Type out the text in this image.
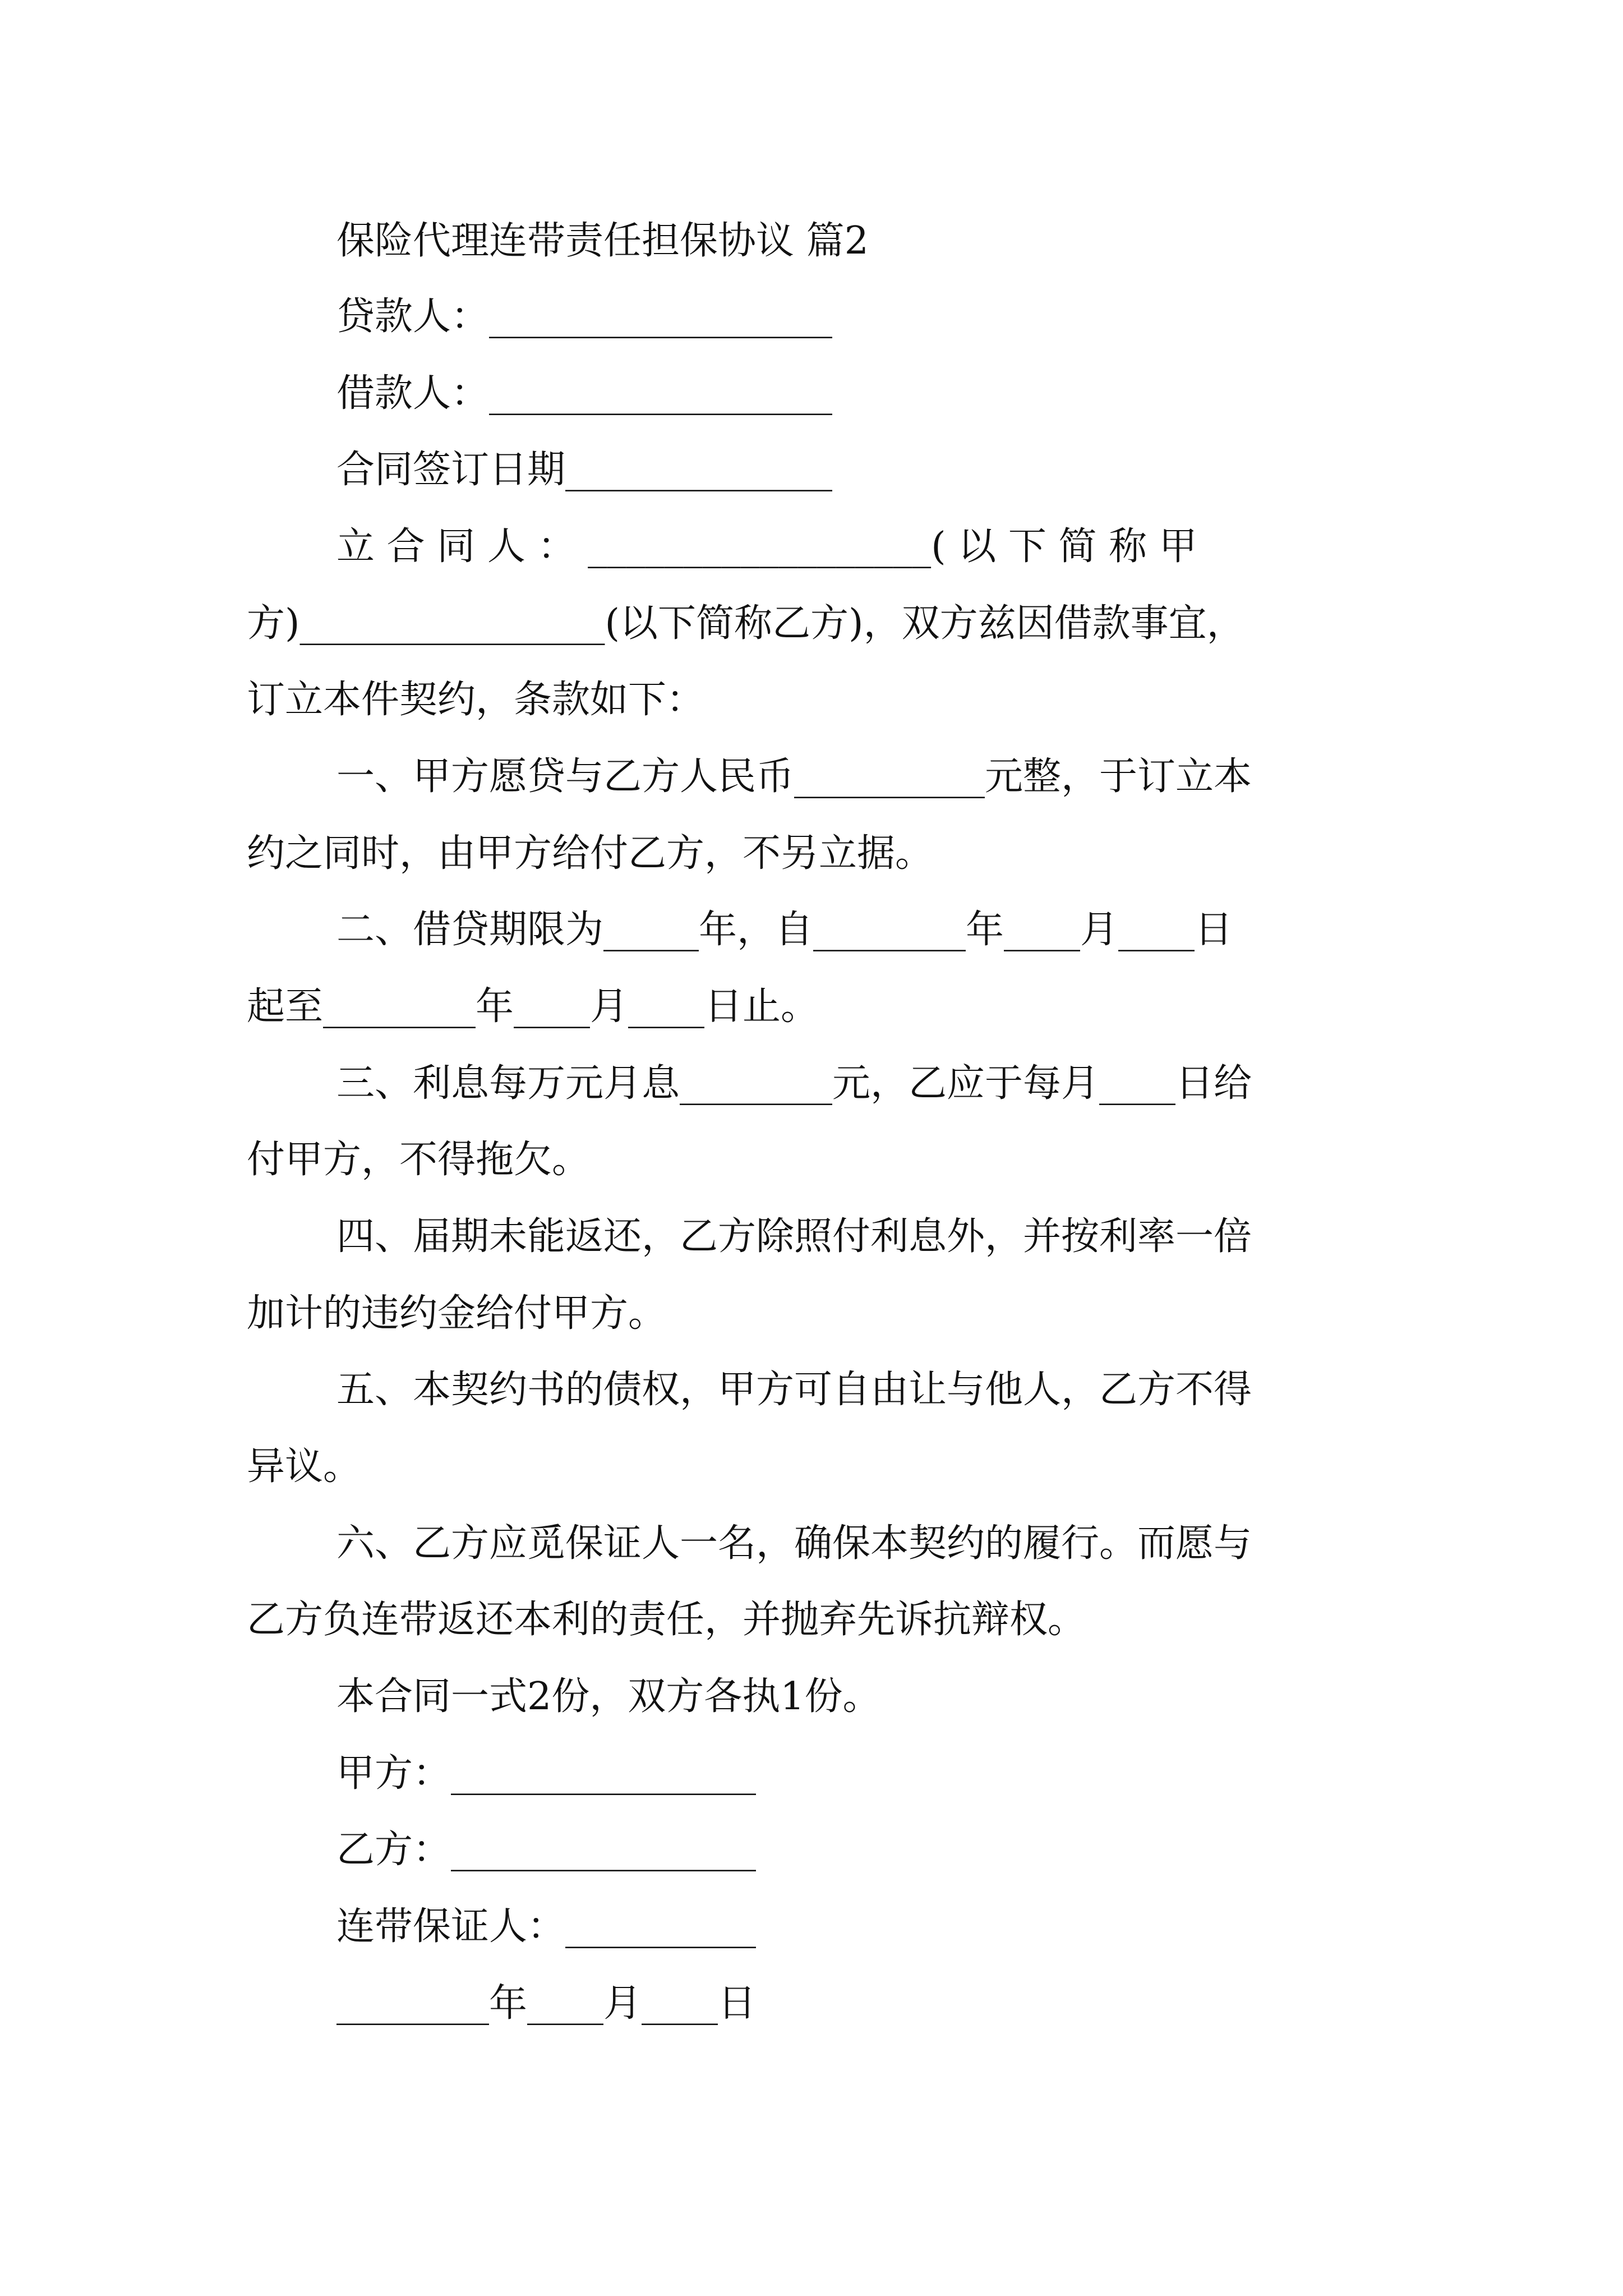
保险代理连带责任担保协议 篇2
贷款人：__________________
借款人：__________________
合同签订日期______________
立 合 同 人 ： __________________( 以 下 简 称 甲
方)________________(以下简称乙方)，双方兹因借款事宜，
订立本件契约，条款如下：
一、甲方愿贷与乙方人民币__________元整，于订立本
约之同时，由甲方给付乙方，不另立据。
二、借贷期限为_____年，自________年____月____日
起至________年____月____日止。
三、利息每万元月息________元，乙应于每月____日给
付甲方，不得拖欠。
四、届期未能返还，乙方除照付利息外，并按利率一倍
加计的违约金给付甲方。
五、本契约书的债权，甲方可自由让与他人，乙方不得
异议。
六、乙方应觅保证人一名，确保本契约的履行。而愿与
乙方负连带返还本利的责任，并抛弃先诉抗辩权。
本合同一式2份，双方各执1份。
甲方：________________
乙方：________________
连带保证人：__________
________年____月____日
